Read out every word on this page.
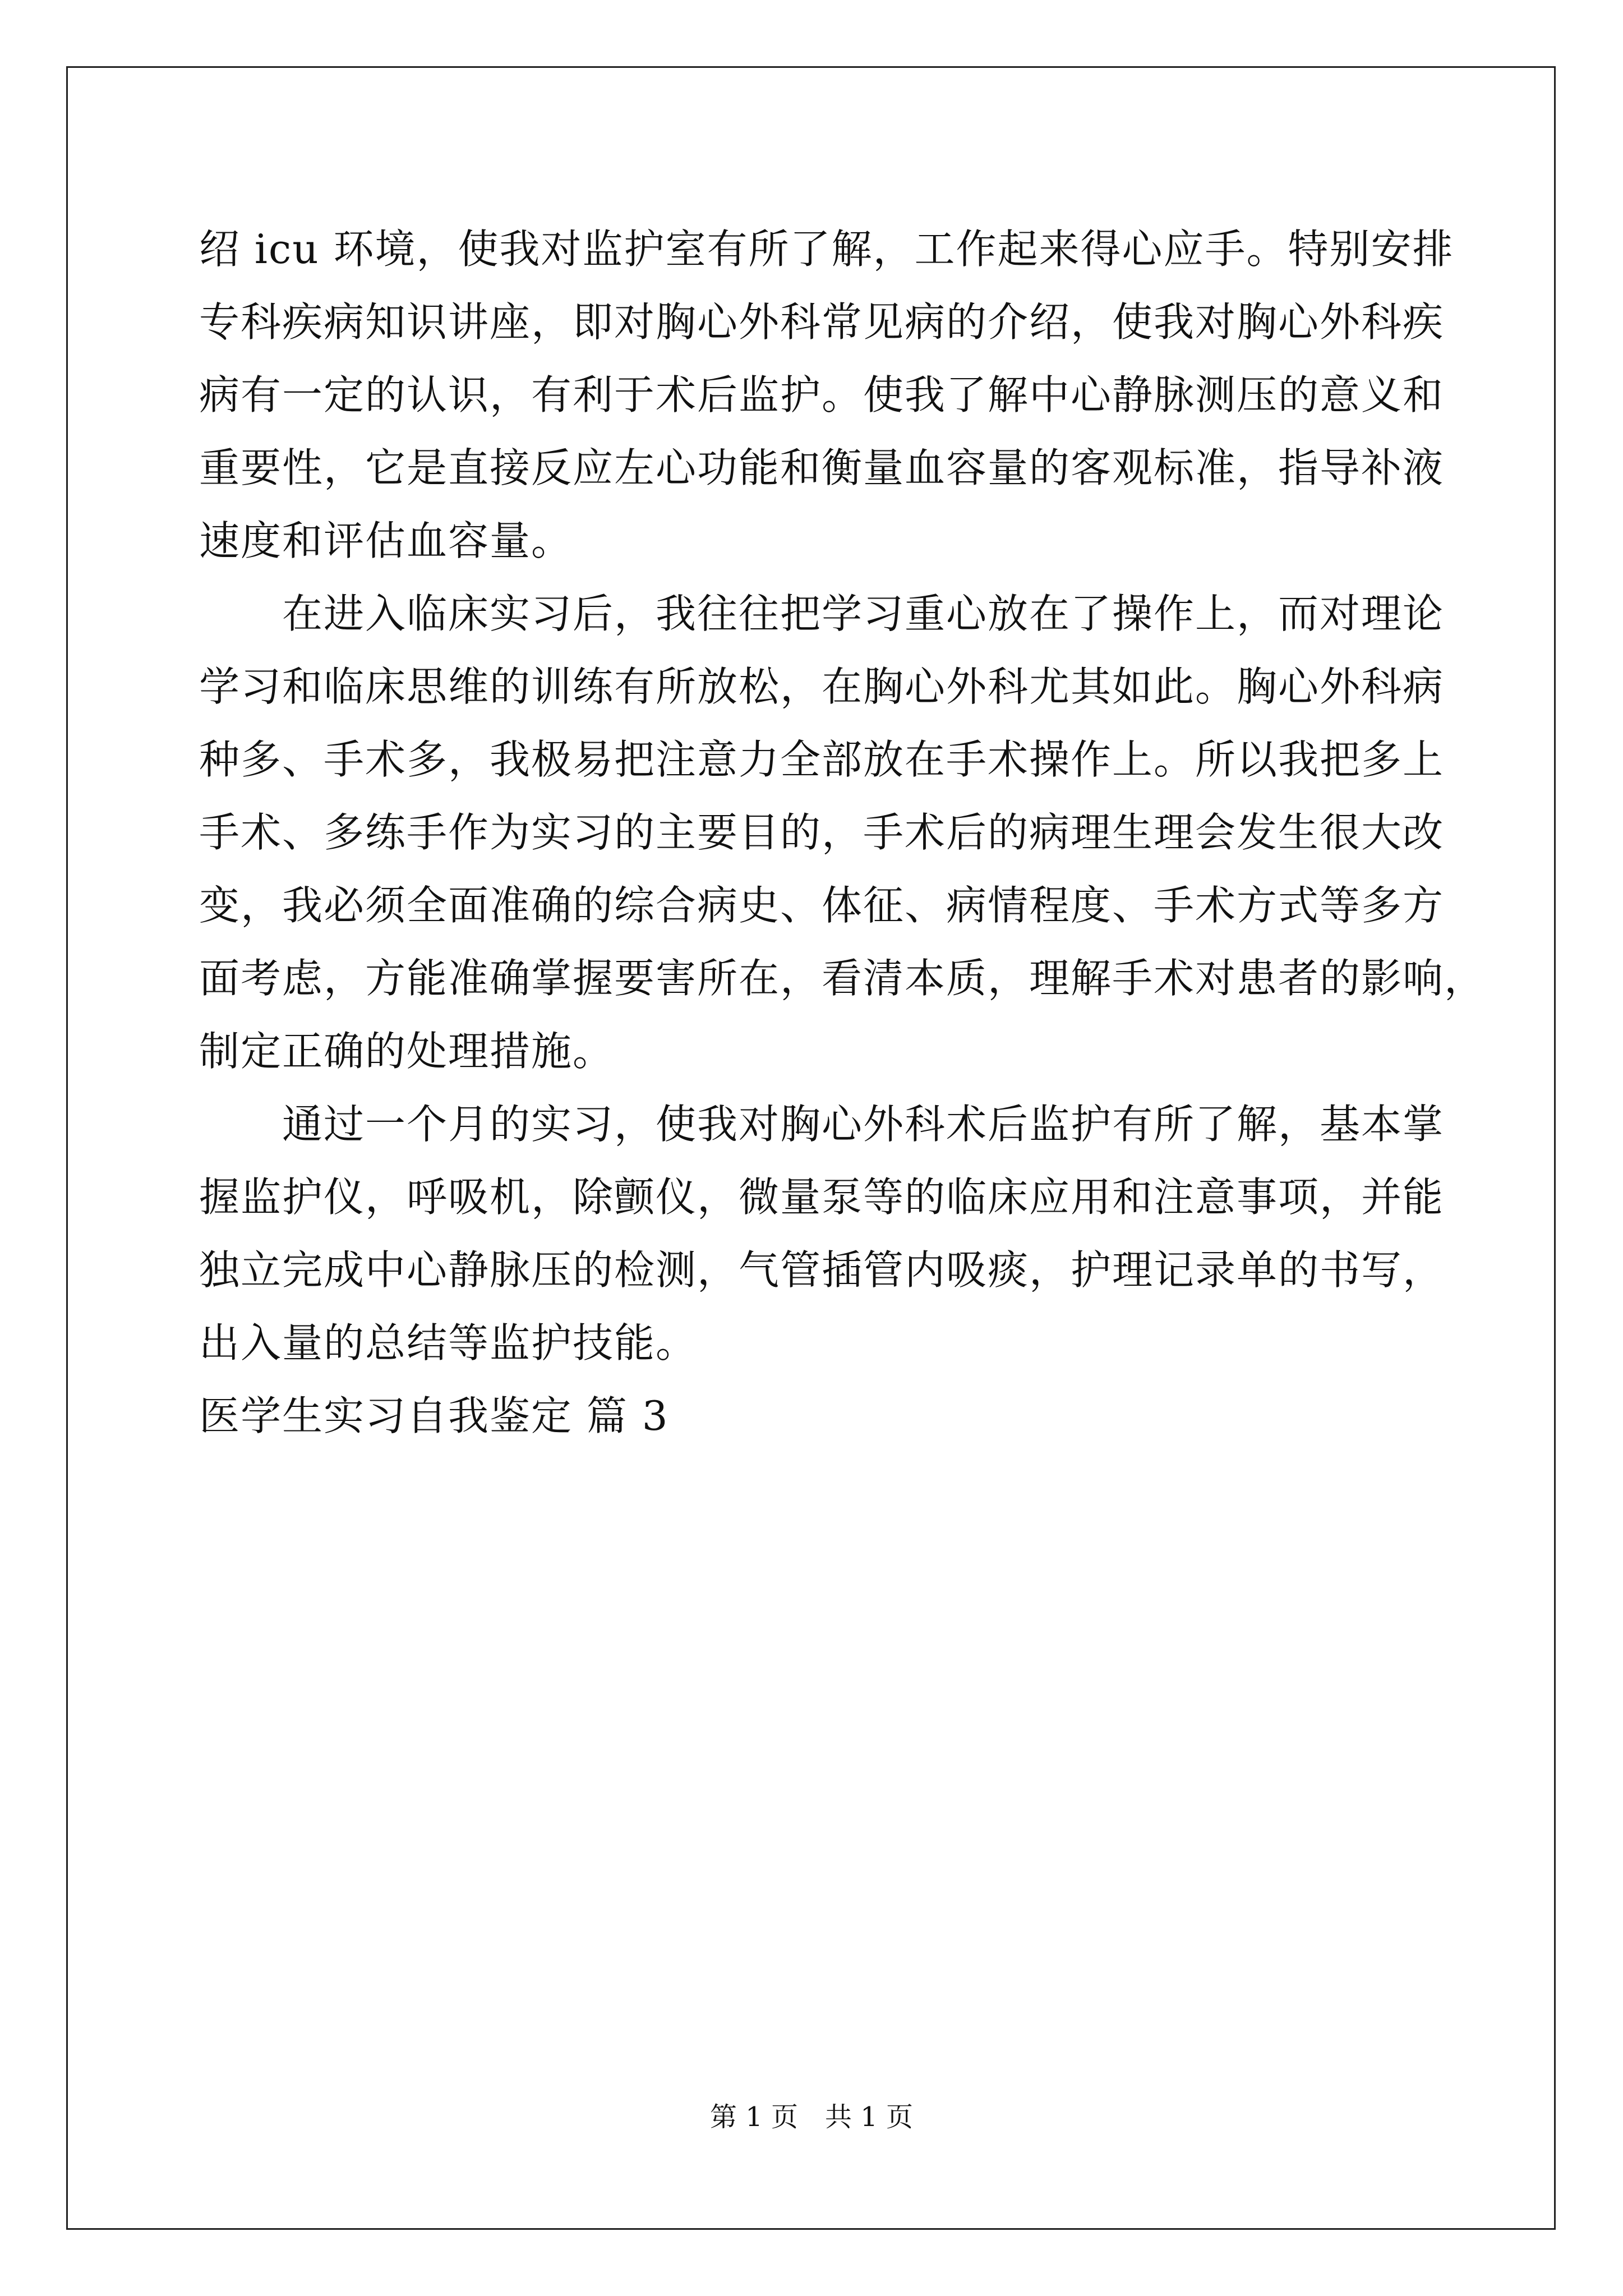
绍 icu 环境，使我对监护室有所了解，工作起来得心应手。特别安排
专科疾病知识讲座，即对胸心外科常见病的介绍，使我对胸心外科疾
病有一定的认识，有利于术后监护。使我了解中心静脉测压的意义和
重要性，它是直接反应左心功能和衡量血容量的客观标准，指导补液
速度和评估血容量。
　　在进入临床实习后，我往往把学习重心放在了操作上，而对理论
学习和临床思维的训练有所放松，在胸心外科尤其如此。胸心外科病
种多、手术多，我极易把注意力全部放在手术操作上。所以我把多上
手术、多练手作为实习的主要目的，手术后的病理生理会发生很大改
变，我必须全面准确的综合病史、体征、病情程度、手术方式等多方
面考虑，方能准确掌握要害所在，看清本质，理解手术对患者的影响，
制定正确的处理措施。
　　通过一个月的实习，使我对胸心外科术后监护有所了解，基本掌
握监护仪，呼吸机，除颤仪，微量泵等的临床应用和注意事项，并能
独立完成中心静脉压的检测，气管插管内吸痰，护理记录单的书写，
出入量的总结等监护技能。
医学生实习自我鉴定 篇 3
第 1 页　共 1 页
